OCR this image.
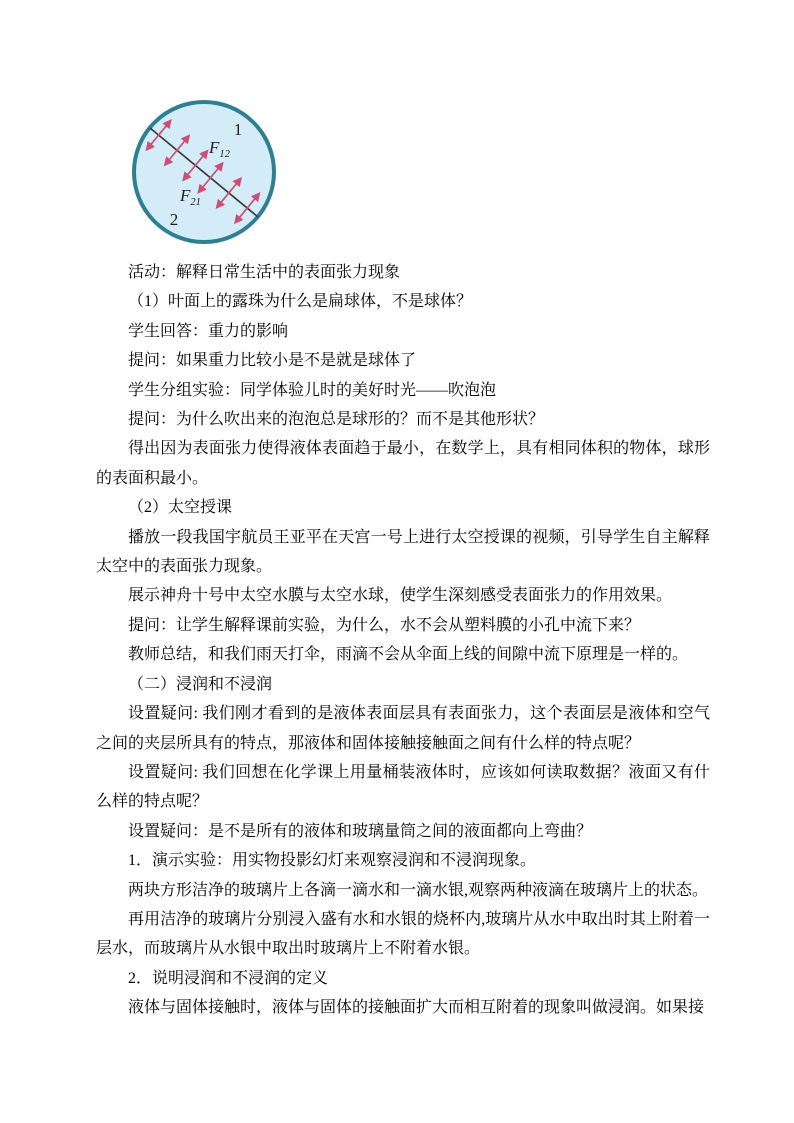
1
2
$F_{12}$
$F_{21}$

活动：解释日常生活中的表面张力现象

（1）叶面上的露珠为什么是扁球体，不是球体？

学生回答：重力的影响

提问：如果重力比较小是不是就是球体了

学生分组实验：同学体验儿时的美好时光——吹泡泡

提问：为什么吹出来的泡泡总是球形的？而不是其他形状？

得出因为表面张力使得液体表面趋于最小，在数学上，具有相同体积的物体，球形的表面积最小。

（2）太空授课

播放一段我国宇航员王亚平在天宫一号上进行太空授课的视频，引导学生自主解释太空中的表面张力现象。

展示神舟十号中太空水膜与太空水球，使学生深刻感受表面张力的作用效果。

提问：让学生解释课前实验，为什么，水不会从塑料膜的小孔中流下来？

教师总结，和我们雨天打伞，雨滴不会从伞面上线的间隙中流下原理是一样的。

（二）浸润和不浸润

设置疑问: 我们刚才看到的是液体表面层具有表面张力，这个表面层是液体和空气之间的夹层所具有的特点，那液体和固体接触接触面之间有什么样的特点呢？

设置疑问: 我们回想在化学课上用量桶装液体时，应该如何读取数据？液面又有什么样的特点呢？

设置疑问：是不是所有的液体和玻璃量筒之间的液面都向上弯曲？

1．演示实验：用实物投影幻灯来观察浸润和不浸润现象。

两块方形洁净的玻璃片上各滴一滴水和一滴水银,观察两种液滴在玻璃片上的状态。

再用洁净的玻璃片分别浸入盛有水和水银的烧杯内,玻璃片从水中取出时其上附着一层水，而玻璃片从水银中取出时玻璃片上不附着水银。

2．说明浸润和不浸润的定义

液体与固体接触时，液体与固体的接触面扩大而相互附着的现象叫做浸润。如果接
